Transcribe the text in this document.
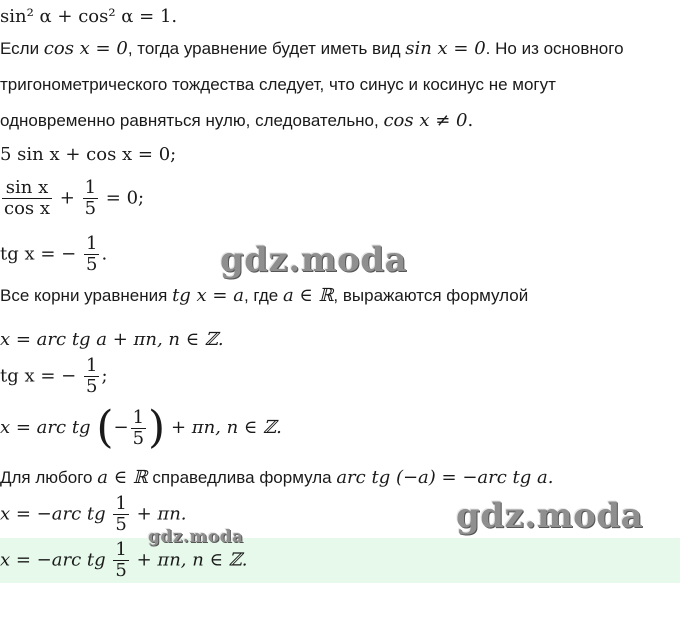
sin² α + cos² α = 1.
Если cos x = 0, тогда уравнение будет иметь вид sin x = 0. Но из основного
тригонометрического тождества следует, что синус и косинус не могут
одновременно равняться нулю, следовательно, cos x ≠ 0.
5 sin x + cos x = 0;
$\frac{\text{sin x}}{\text{cos x}} + \frac{1}{5} = 0$;
tg x = − $\frac{1}{5}$ .	gdz.moda
Все корни уравнения tg x = a, где a ∈ ℝ, выражаются формулой
x = arc tg a + πn, n ∈ ℤ.
tg x = − $\frac{1}{5}$ ;
x = arc tg (− $\frac{1}{5}$ ) + πn, n ∈ ℤ.
Для любого a ∈ ℝ справедлива формула arc tg (−a) = −arc tg a.
x = −arc tg $\frac{1}{5} + \pi n$.	gdz.moda
gdz.moda
x = −arc tg $\frac{1}{5} + \pi n$, n ∈ ℤ.
